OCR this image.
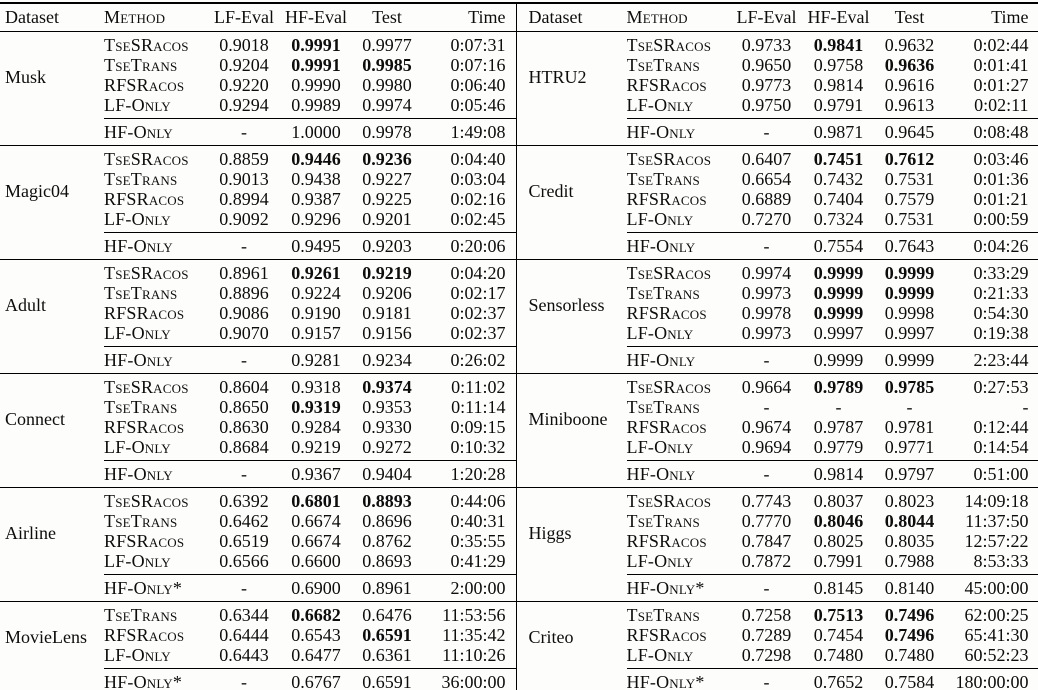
Dataset	Method	LF-Eval	HF-Eval	Test	Time
Musk	TseSRacos	0.9018	0.9991	0.9977	0:07:31
	TseTrans	0.9204	0.9991	0.9985	0:07:16
	RFSRacos	0.9220	0.9990	0.9980	0:06:40
	LF-Only	0.9294	0.9989	0.9974	0:05:46
	HF-Only	-	1.0000	0.9978	1:49:08
Magic04	TseSRacos	0.8859	0.9446	0.9236	0:04:40
	TseTrans	0.9013	0.9438	0.9227	0:03:04
	RFSRacos	0.8994	0.9387	0.9225	0:02:16
	LF-Only	0.9092	0.9296	0.9201	0:02:45
	HF-Only	-	0.9495	0.9203	0:20:06
Adult	TseSRacos	0.8961	0.9261	0.9219	0:04:20
	TseTrans	0.8896	0.9224	0.9206	0:02:17
	RFSRacos	0.9086	0.9190	0.9181	0:02:37
	LF-Only	0.9070	0.9157	0.9156	0:02:37
	HF-Only	-	0.9281	0.9234	0:26:02
Connect	TseSRacos	0.8604	0.9318	0.9374	0:11:02
	TseTrans	0.8650	0.9319	0.9353	0:11:14
	RFSRacos	0.8630	0.9284	0.9330	0:09:15
	LF-Only	0.8684	0.9219	0.9272	0:10:32
	HF-Only	-	0.9367	0.9404	1:20:28
Airline	TseSRacos	0.6392	0.6801	0.8893	0:44:06
	TseTrans	0.6462	0.6674	0.8696	0:40:31
	RFSRacos	0.6519	0.6674	0.8762	0:35:55
	LF-Only	0.6566	0.6600	0.8693	0:41:29
	HF-Only*	-	0.6900	0.8961	2:00:00
MovieLens	TseTrans	0.6344	0.6682	0.6476	11:53:56
	RFSRacos	0.6444	0.6543	0.6591	11:35:42
	LF-Only	0.6443	0.6477	0.6361	11:10:26
	HF-Only*	-	0.6767	0.6591	36:00:00
Dataset	Method	LF-Eval	HF-Eval	Test	Time
HTRU2	TseSRacos	0.9733	0.9841	0.9632	0:02:44
	TseTrans	0.9650	0.9758	0.9636	0:01:41
	RFSRacos	0.9773	0.9814	0.9616	0:01:27
	LF-Only	0.9750	0.9791	0.9613	0:02:11
	HF-Only	-	0.9871	0.9645	0:08:48
Credit	TseSRacos	0.6407	0.7451	0.7612	0:03:46
	TseTrans	0.6654	0.7432	0.7531	0:01:36
	RFSRacos	0.6889	0.7404	0.7579	0:01:21
	LF-Only	0.7270	0.7324	0.7531	0:00:59
	HF-Only	-	0.7554	0.7643	0:04:26
Sensorless	TseSRacos	0.9974	0.9999	0.9999	0:33:29
	TseTrans	0.9973	0.9999	0.9999	0:21:33
	RFSRacos	0.9978	0.9999	0.9998	0:54:30
	LF-Only	0.9973	0.9997	0.9997	0:19:38
	HF-Only	-	0.9999	0.9999	2:23:44
Miniboone	TseSRacos	0.9664	0.9789	0.9785	0:27:53
	TseTrans	-	-	-	-
	RFSRacos	0.9674	0.9787	0.9781	0:12:44
	LF-Only	0.9694	0.9779	0.9771	0:14:54
	HF-Only	-	0.9814	0.9797	0:51:00
Higgs	TseSRacos	0.7743	0.8037	0.8023	14:09:18
	TseTrans	0.7770	0.8046	0.8044	11:37:50
	RFSRacos	0.7847	0.8025	0.8035	12:57:22
	LF-Only	0.7872	0.7991	0.7988	8:53:33
	HF-Only*	-	0.8145	0.8140	45:00:00
Criteo	TseTrans	0.7258	0.7513	0.7496	62:00:25
	RFSRacos	0.7289	0.7454	0.7496	65:41:30
	LF-Only	0.7298	0.7480	0.7480	60:52:23
	HF-Only*	-	0.7652	0.7584	180:00:00
